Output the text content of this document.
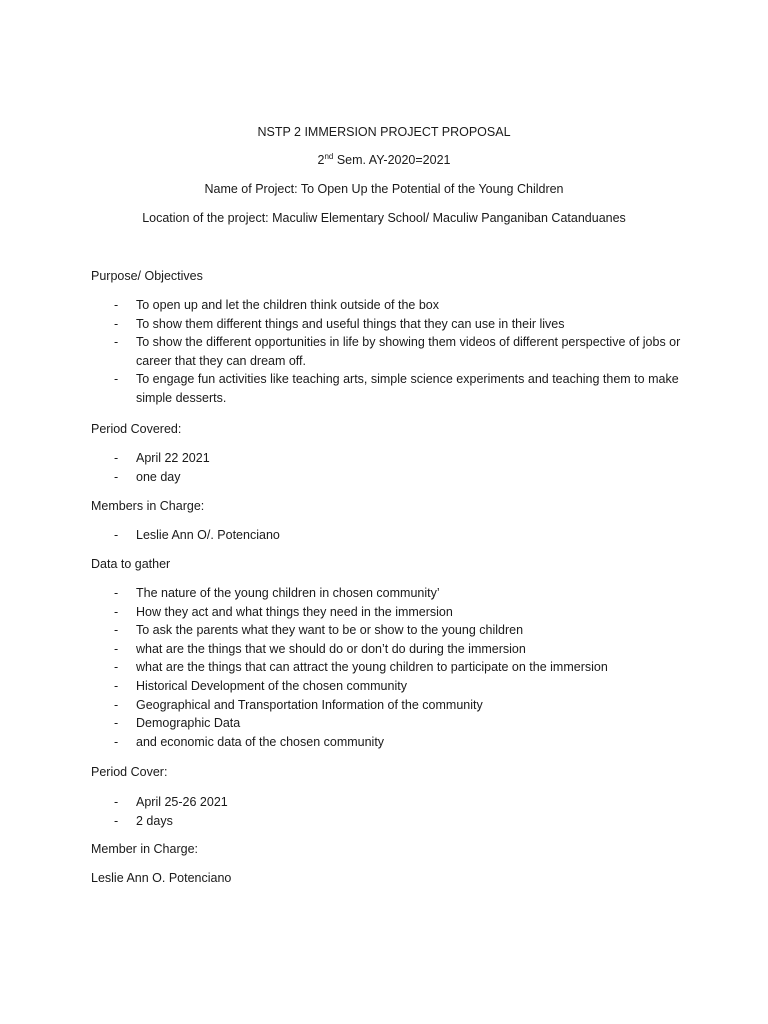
NSTP 2 IMMERSION PROJECT PROPOSAL
2nd Sem. AY-2020=2021
Name of Project: To Open Up the Potential of the Young Children
Location of the project: Maculiw Elementary School/ Maculiw Panganiban Catanduanes
Purpose/ Objectives
- To open up and let the children think outside of the box
- To show them different things and useful things that they can use in their lives
- To show the different opportunities in life by showing them videos of different perspective of jobs or career that they can dream off.
- To engage fun activities like teaching arts, simple science experiments and teaching them to make simple desserts.
Period Covered:
- April 22 2021
- one day
Members in Charge:
- Leslie Ann O/. Potenciano
Data to gather
- The nature of the young children in chosen community’
- How they act and what things they need in the immersion
- To ask the parents what they want to be or show to the young children
- what are the things that we should do or don’t do during the immersion
- what are the things that can attract the young children to participate on the immersion
- Historical Development of the chosen community
- Geographical and Transportation Information of the community
- Demographic Data
- and economic data of the chosen community
Period Cover:
- April 25-26 2021
- 2 days
Member in Charge:
Leslie Ann O. Potenciano
